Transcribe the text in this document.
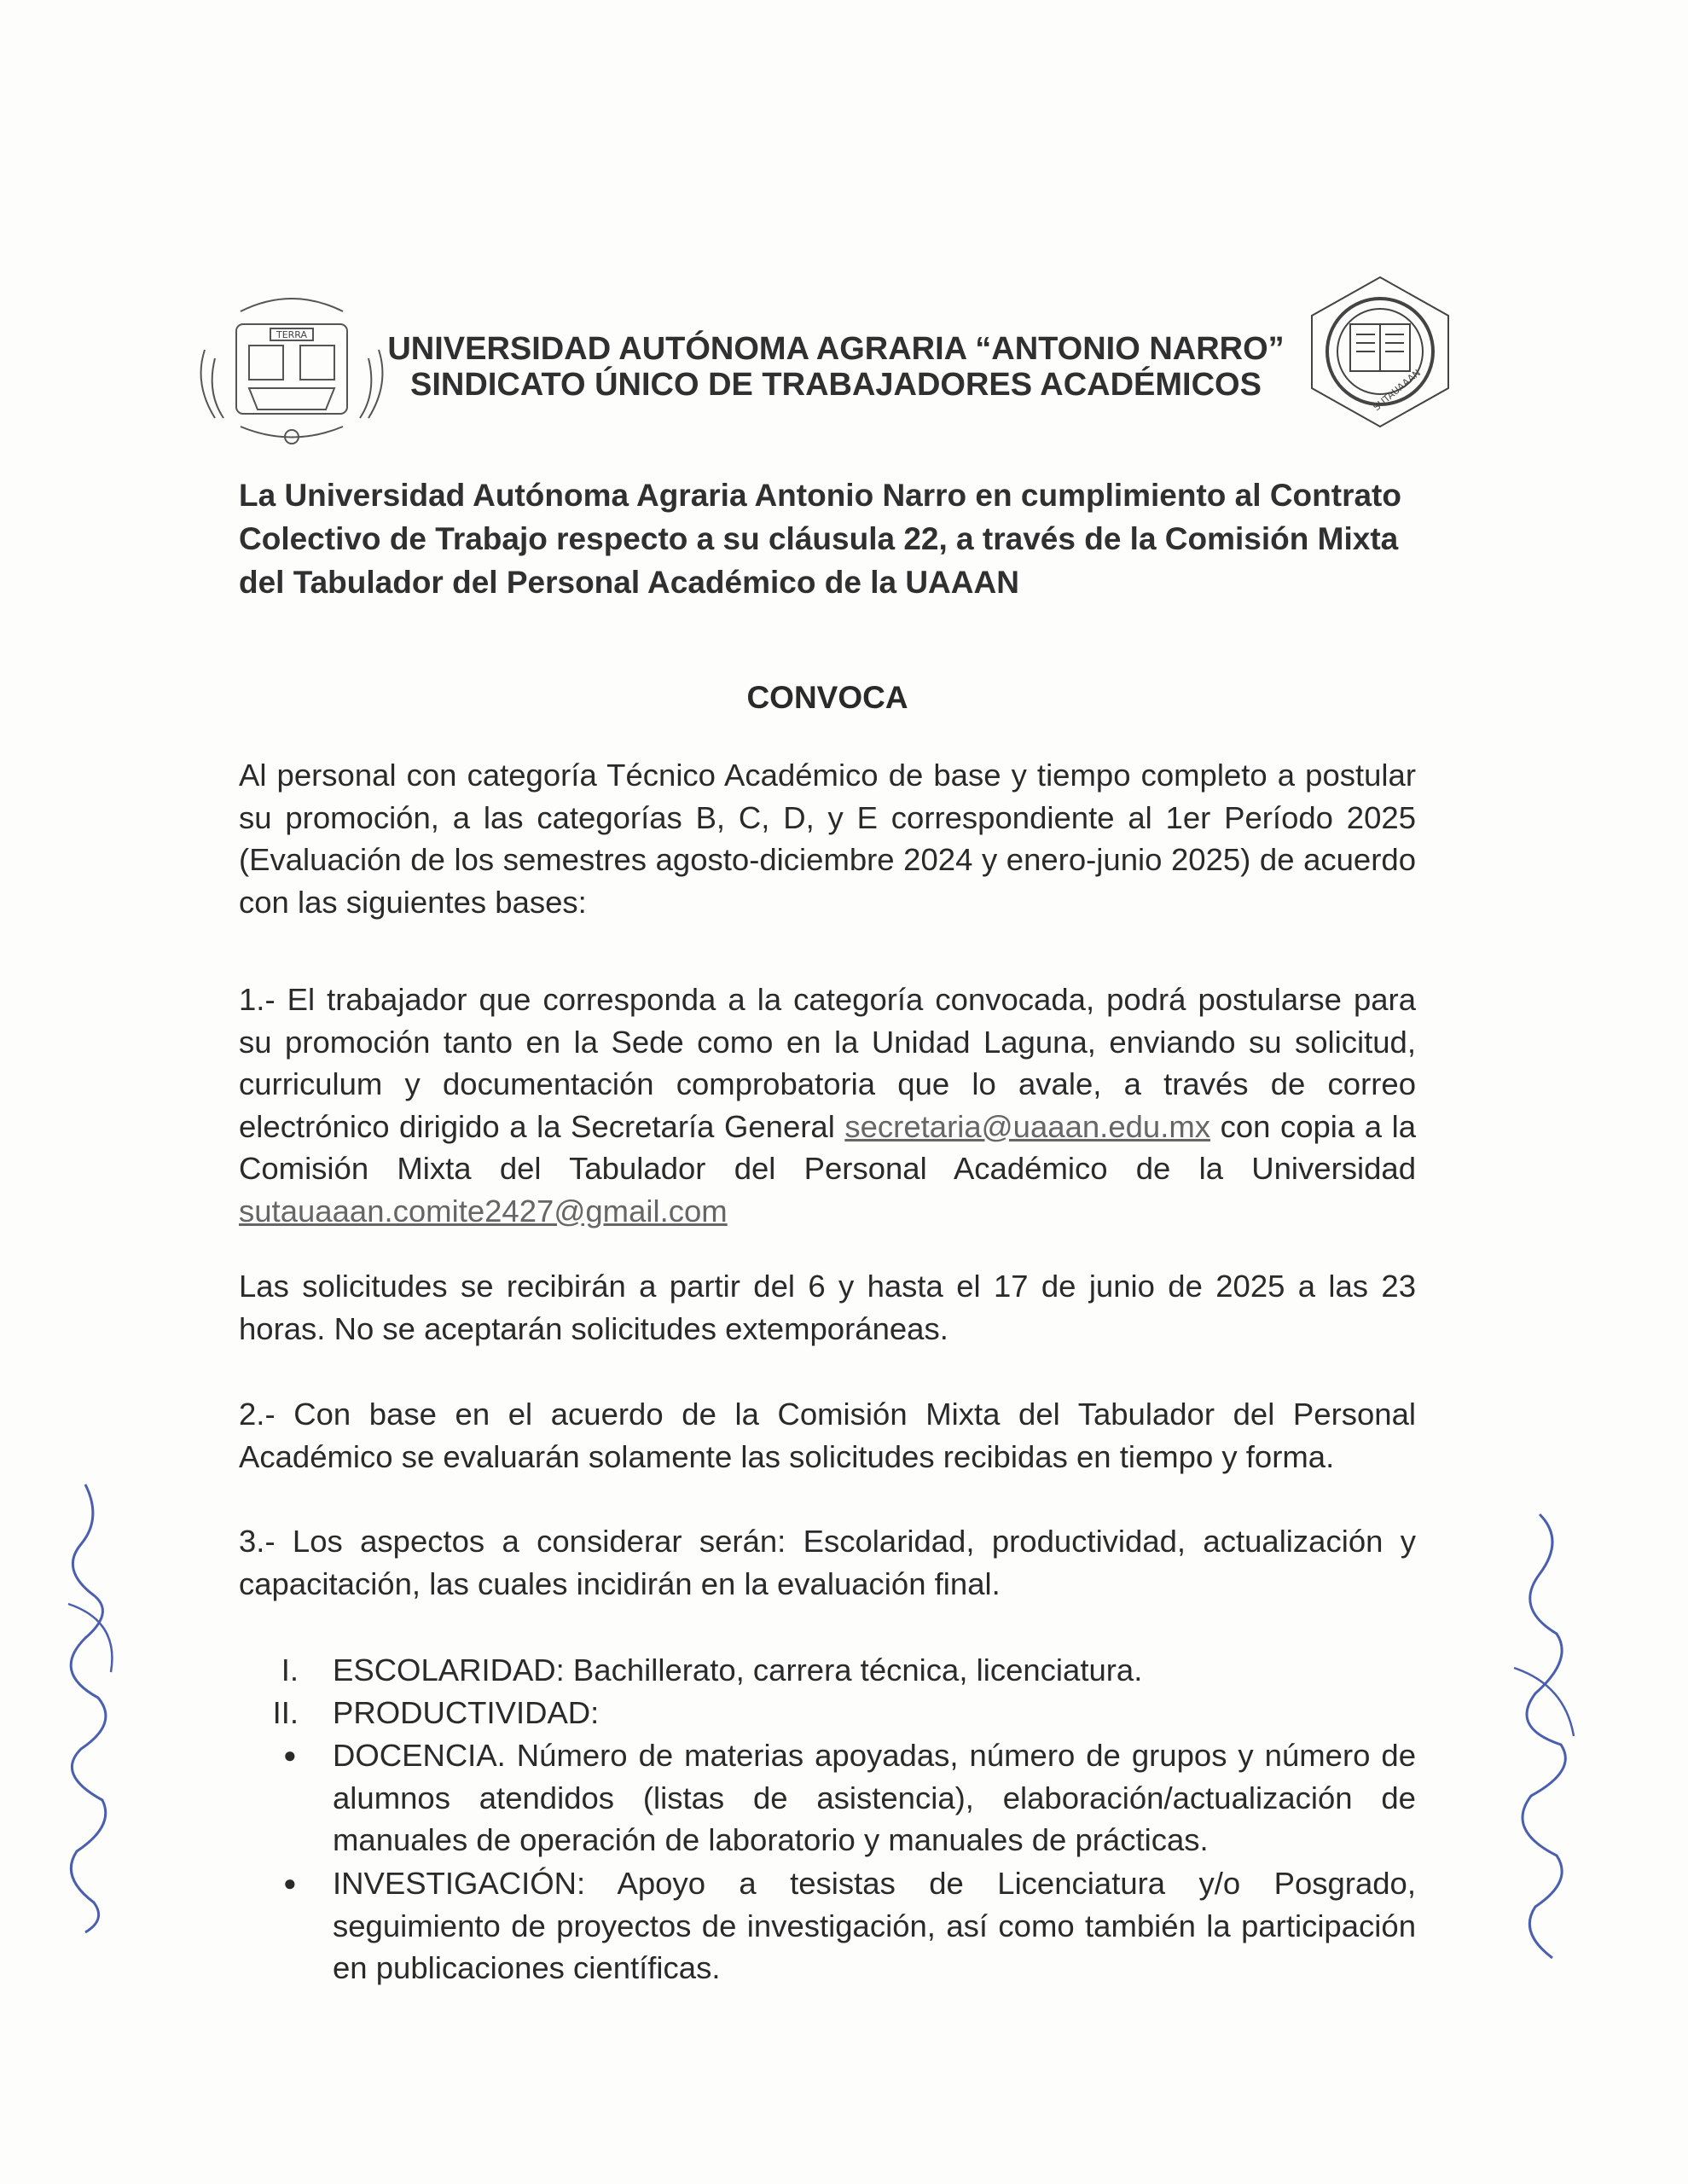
TERRA
SUTAUAAAN
UNIVERSIDAD AUTÓNOMA AGRARIA “ANTONIO NARRO”
SINDICATO ÚNICO DE TRABAJADORES ACADÉMICOS
La Universidad Autónoma Agraria Antonio Narro en cumplimiento al Contrato Colectivo de Trabajo respecto a su cláusula 22, a través de la Comisión Mixta del Tabulador del Personal Académico de la UAAAN
CONVOCA
Al personal con categoría Técnico Académico de base y tiempo completo a postular su promoción, a las categorías B, C, D, y E correspondiente al 1er Período 2025 (Evaluación de los semestres agosto-diciembre 2024 y enero-junio 2025) de acuerdo con las siguientes bases:
1.- El trabajador que corresponda a la categoría convocada, podrá postularse para su promoción tanto en la Sede como en la Unidad Laguna, enviando su solicitud, curriculum y documentación comprobatoria que lo avale, a través de correo electrónico dirigido a la Secretaría General secretaria@uaaan.edu.mx con copia a la Comisión Mixta del Tabulador del Personal Académico de la Universidad sutauaaan.comite2427@gmail.com
Las solicitudes se recibirán a partir del 6 y hasta el 17 de junio de 2025 a las 23 horas. No se aceptarán solicitudes extemporáneas.
2.- Con base en el acuerdo de la Comisión Mixta del Tabulador del Personal Académico se evaluarán solamente las solicitudes recibidas en tiempo y forma.
3.- Los aspectos a considerar serán: Escolaridad, productividad, actualización y capacitación, las cuales incidirán en la evaluación final.
I. ESCOLARIDAD: Bachillerato, carrera técnica, licenciatura.
II. PRODUCTIVIDAD:
● DOCENCIA. Número de materias apoyadas, número de grupos y número de alumnos atendidos (listas de asistencia), elaboración/actualización de manuales de operación de laboratorio y manuales de prácticas.
● INVESTIGACIÓN: Apoyo a tesistas de Licenciatura y/o Posgrado, seguimiento de proyectos de investigación, así como también la participación en publicaciones científicas.
